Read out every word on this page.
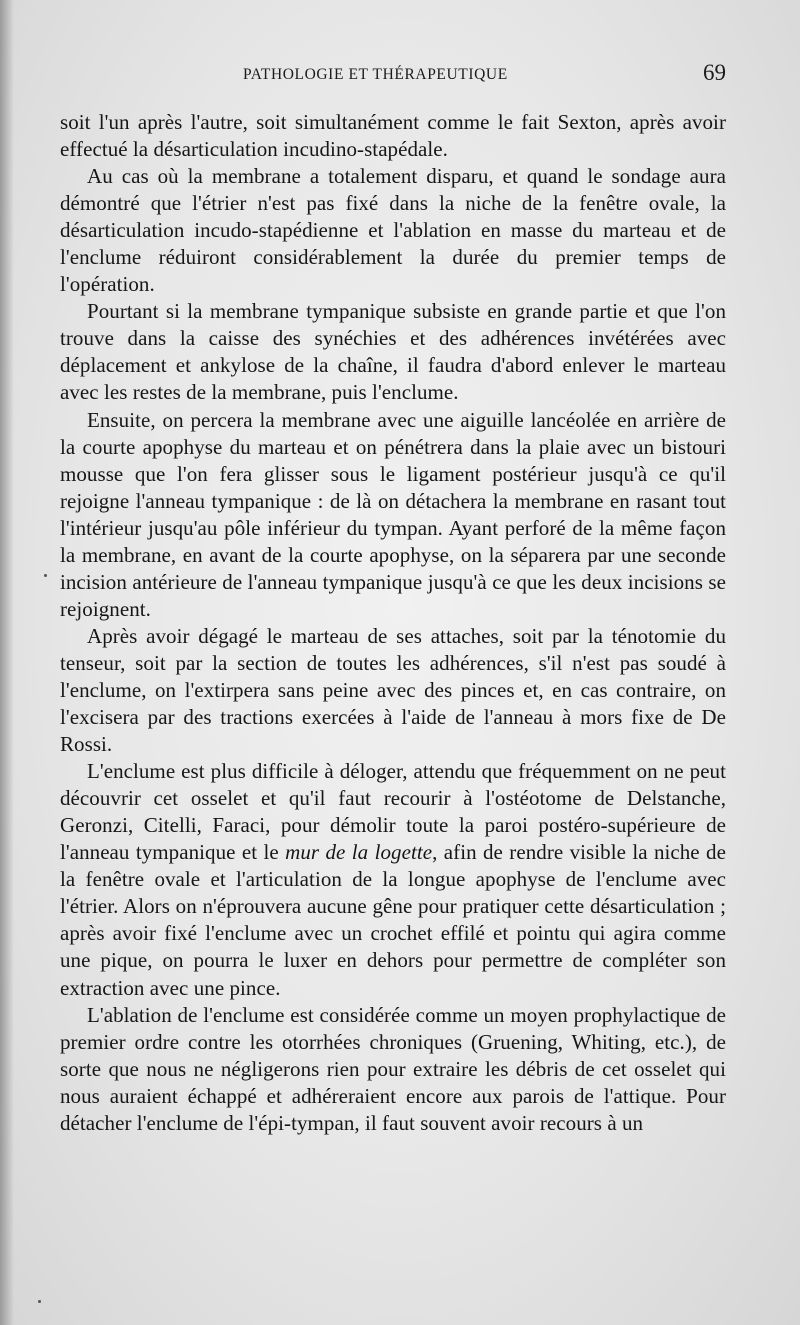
PATHOLOGIE ET THÉRAPEUTIQUE	69

soit l'un après l'autre, soit simultanément comme le fait Sexton, après avoir effectué la désarticulation incudino-stapédale.

Au cas où la membrane a totalement disparu, et quand le sondage aura démontré que l'étrier n'est pas fixé dans la niche de la fenêtre ovale, la désarticulation incudo-stapédienne et l'ablation en masse du marteau et de l'enclume réduiront considérablement la durée du premier temps de l'opération.

Pourtant si la membrane tympanique subsiste en grande partie et que l'on trouve dans la caisse des synéchies et des adhérences invétérées avec déplacement et ankylose de la chaîne, il faudra d'abord enlever le marteau avec les restes de la membrane, puis l'enclume.

Ensuite, on percera la membrane avec une aiguille lancéolée en arrière de la courte apophyse du marteau et on pénétrera dans la plaie avec un bistouri mousse que l'on fera glisser sous le ligament postérieur jusqu'à ce qu'il rejoigne l'anneau tympanique : de là on détachera la membrane en rasant tout l'intérieur jusqu'au pôle inférieur du tympan. Ayant perforé de la même façon la membrane, en avant de la courte apophyse, on la séparera par une seconde incision antérieure de l'anneau tympanique jusqu'à ce que les deux incisions se rejoignent.

Après avoir dégagé le marteau de ses attaches, soit par la ténotomie du tenseur, soit par la section de toutes les adhérences, s'il n'est pas soudé à l'enclume, on l'extirpera sans peine avec des pinces et, en cas contraire, on l'excisera par des tractions exercées à l'aide de l'anneau à mors fixe de De Rossi.

L'enclume est plus difficile à déloger, attendu que fréquemment on ne peut découvrir cet osselet et qu'il faut recourir à l'ostéotome de Delstanche, Geronzi, Citelli, Faraci, pour démolir toute la paroi postéro-supérieure de l'anneau tympanique et le mur de la logette, afin de rendre visible la niche de la fenêtre ovale et l'articulation de la longue apophyse de l'enclume avec l'étrier. Alors on n'éprouvera aucune gêne pour pratiquer cette désarticulation ; après avoir fixé l'enclume avec un crochet effilé et pointu qui agira comme une pique, on pourra le luxer en dehors pour permettre de compléter son extraction avec une pince.

L'ablation de l'enclume est considérée comme un moyen prophylactique de premier ordre contre les otorrhées chroniques (Gruening, Whiting, etc.), de sorte que nous ne négligerons rien pour extraire les débris de cet osselet qui nous auraient échappé et adhéreraient encore aux parois de l'attique. Pour détacher l'enclume de l'épi-tympan, il faut souvent avoir recours à un
